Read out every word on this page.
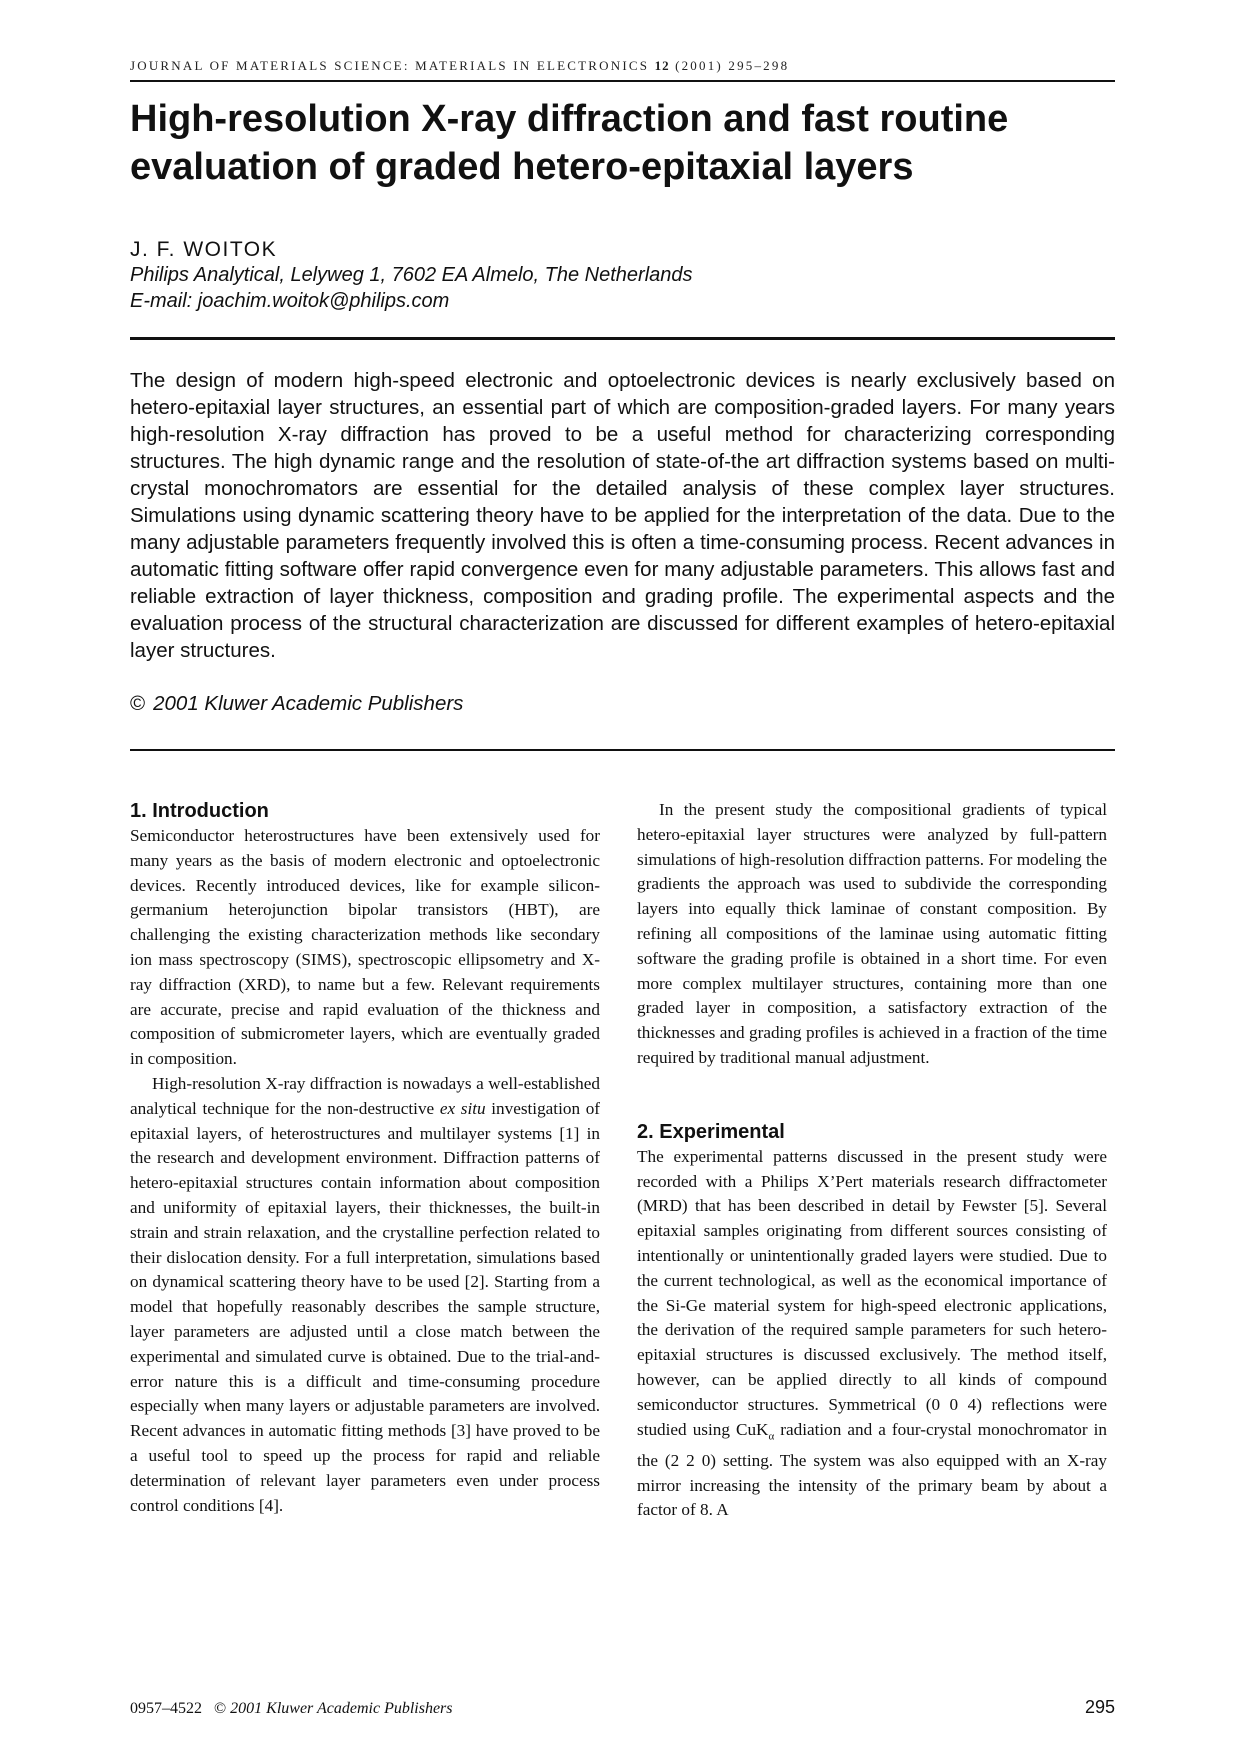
JOURNAL OF MATERIALS SCIENCE: MATERIALS IN ELECTRONICS 12 (2001) 295–298
High-resolution X-ray diffraction and fast routine evaluation of graded hetero-epitaxial layers
J. F. WOITOK
Philips Analytical, Lelyweg 1, 7602 EA Almelo, The Netherlands
E-mail: joachim.woitok@philips.com

The design of modern high-speed electronic and optoelectronic devices is nearly exclusively based on hetero-epitaxial layer structures, an essential part of which are composition-graded layers. For many years high-resolution X-ray diffraction has proved to be a useful method for characterizing corresponding structures. The high dynamic range and the resolution of state-of-the art diffraction systems based on multi-crystal monochromators are essential for the detailed analysis of these complex layer structures. Simulations using dynamic scattering theory have to be applied for the interpretation of the data. Due to the many adjustable parameters frequently involved this is often a time-consuming process. Recent advances in automatic fitting software offer rapid convergence even for many adjustable parameters. This allows fast and reliable extraction of layer thickness, composition and grading profile. The experimental aspects and the evaluation process of the structural characterization are discussed for different examples of hetero-epitaxial layer structures.

© 2001 Kluwer Academic Publishers
1. Introduction

Semiconductor heterostructures have been extensively used for many years as the basis of modern electronic and optoelectronic devices. Recently introduced devices, like for example silicon-germanium heterojunction bipolar transistors (HBT), are challenging the existing characterization methods like secondary ion mass spectroscopy (SIMS), spectroscopic ellipsometry and X-ray diffraction (XRD), to name but a few. Relevant requirements are accurate, precise and rapid evaluation of the thickness and composition of submicrometer layers, which are eventually graded in composition.

High-resolution X-ray diffraction is nowadays a well-established analytical technique for the non-destructive ex situ investigation of epitaxial layers, of heterostructures and multilayer systems [1] in the research and development environment. Diffraction patterns of hetero-epitaxial structures contain information about composition and uniformity of epitaxial layers, their thicknesses, the built-in strain and strain relaxation, and the crystalline perfection related to their dislocation density. For a full interpretation, simulations based on dynamical scattering theory have to be used [2]. Starting from a model that hopefully reasonably describes the sample structure, layer parameters are adjusted until a close match between the experimental and simulated curve is obtained. Due to the trial-and-error nature this is a difficult and time-consuming procedure especially when many layers or adjustable parameters are involved. Recent advances in automatic fitting methods [3] have proved to be a useful tool to speed up the process for rapid and reliable determination of relevant layer parameters even under process control conditions [4].

In the present study the compositional gradients of typical hetero-epitaxial layer structures were analyzed by full-pattern simulations of high-resolution diffraction patterns. For modeling the gradients the approach was used to subdivide the corresponding layers into equally thick laminae of constant composition. By refining all compositions of the laminae using automatic fitting software the grading profile is obtained in a short time. For even more complex multilayer structures, containing more than one graded layer in composition, a satisfactory extraction of the thicknesses and grading profiles is achieved in a fraction of the time required by traditional manual adjustment.

2. Experimental

The experimental patterns discussed in the present study were recorded with a Philips X’Pert materials research diffractometer (MRD) that has been described in detail by Fewster [5]. Several epitaxial samples originating from different sources consisting of intentionally or unintentionally graded layers were studied. Due to the current technological, as well as the economical importance of the Si-Ge material system for high-speed electronic applications, the derivation of the required sample parameters for such hetero-epitaxial structures is discussed exclusively. The method itself, however, can be applied directly to all kinds of compound semiconductor structures. Symmetrical (0 0 4) reflections were studied using CuK$_\alpha$ radiation and a four-crystal monochromator in the (2 2 0) setting. The system was also equipped with an X-ray mirror increasing the intensity of the primary beam by about a factor of 8. A

0957–4522 © 2001 Kluwer Academic Publishers	295
